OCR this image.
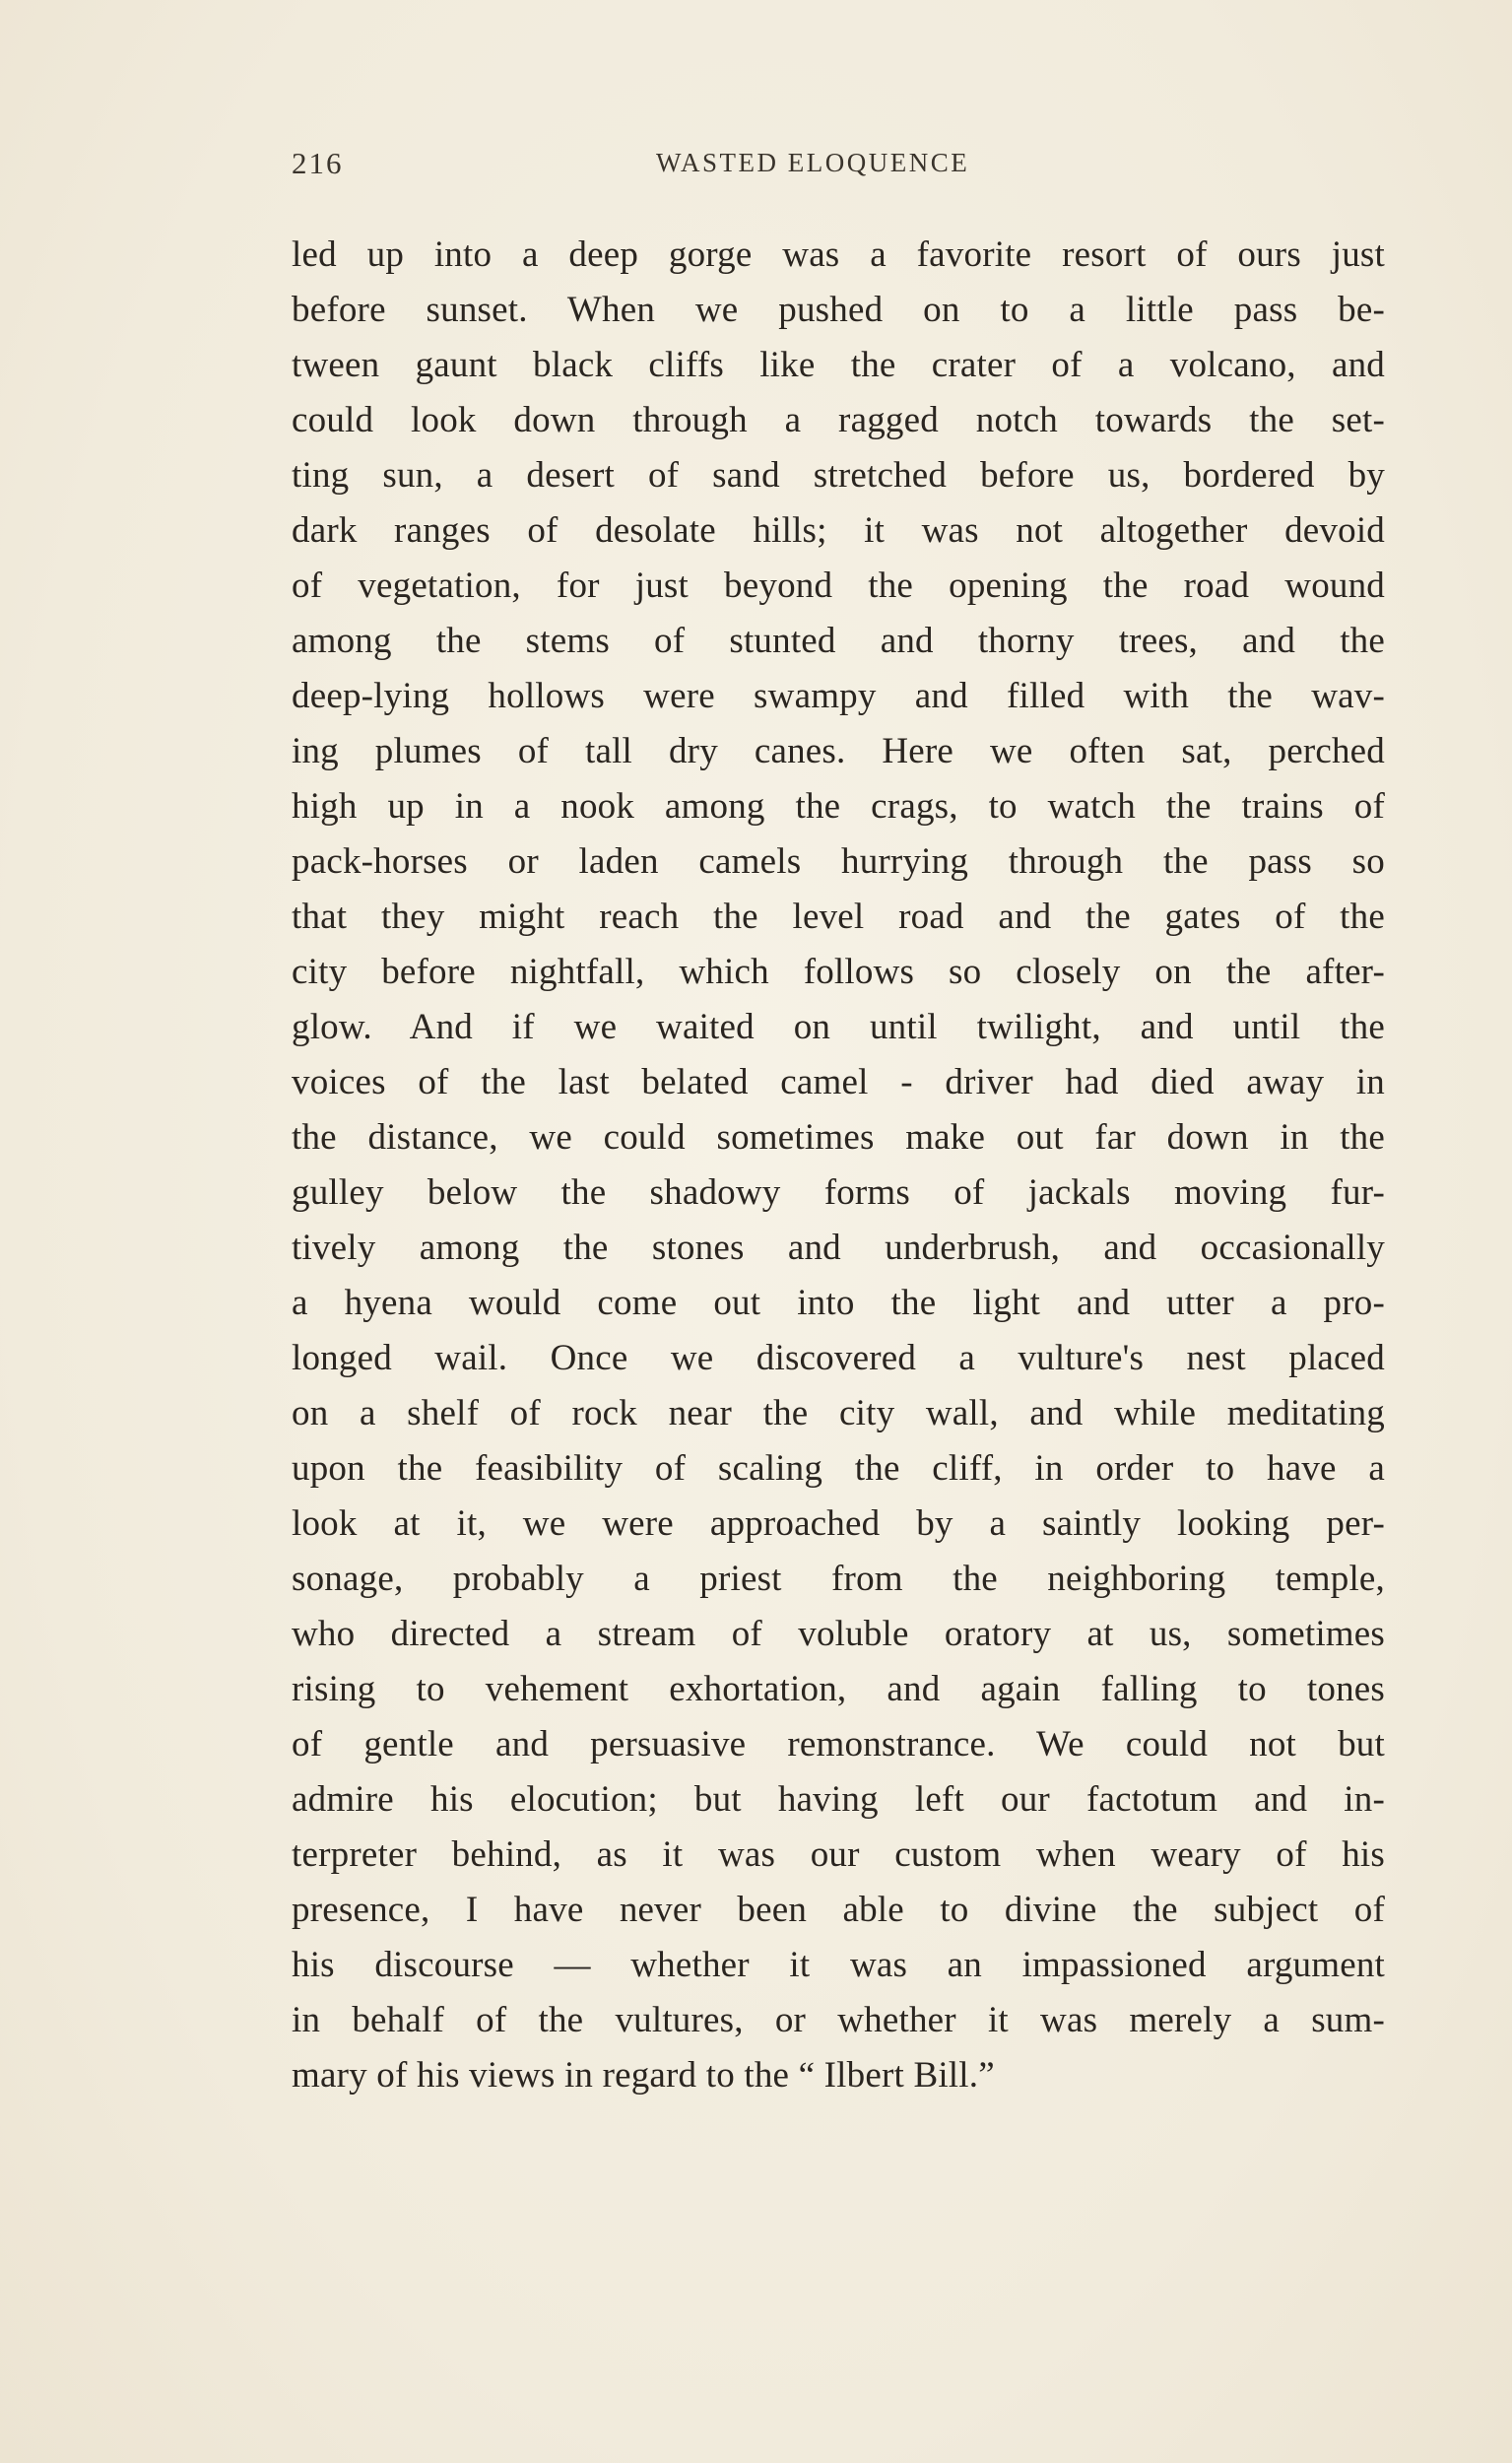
216	WASTED ELOQUENCE
led up into a deep gorge was a favorite resort of ours just
before sunset. When we pushed on to a little pass be-
tween gaunt black cliffs like the crater of a volcano, and
could look down through a ragged notch towards the set-
ting sun, a desert of sand stretched before us, bordered by
dark ranges of desolate hills; it was not altogether devoid
of vegetation, for just beyond the opening the road wound
among the stems of stunted and thorny trees, and the
deep-lying hollows were swampy and filled with the wav-
ing plumes of tall dry canes. Here we often sat, perched
high up in a nook among the crags, to watch the trains of
pack-horses or laden camels hurrying through the pass so
that they might reach the level road and the gates of the
city before nightfall, which follows so closely on the after-
glow. And if we waited on until twilight, and until the
voices of the last belated camel - driver had died away in
the distance, we could sometimes make out far down in the
gulley below the shadowy forms of jackals moving fur-
tively among the stones and underbrush, and occasionally
a hyena would come out into the light and utter a pro-
longed wail. Once we discovered a vulture's nest placed
on a shelf of rock near the city wall, and while meditating
upon the feasibility of scaling the cliff, in order to have a
look at it, we were approached by a saintly looking per-
sonage, probably a priest from the neighboring temple,
who directed a stream of voluble oratory at us, sometimes
rising to vehement exhortation, and again falling to tones
of gentle and persuasive remonstrance. We could not but
admire his elocution; but having left our factotum and in-
terpreter behind, as it was our custom when weary of his
presence, I have never been able to divine the subject of
his discourse — whether it was an impassioned argument
in behalf of the vultures, or whether it was merely a sum-
mary of his views in regard to the “ Ilbert Bill.”
